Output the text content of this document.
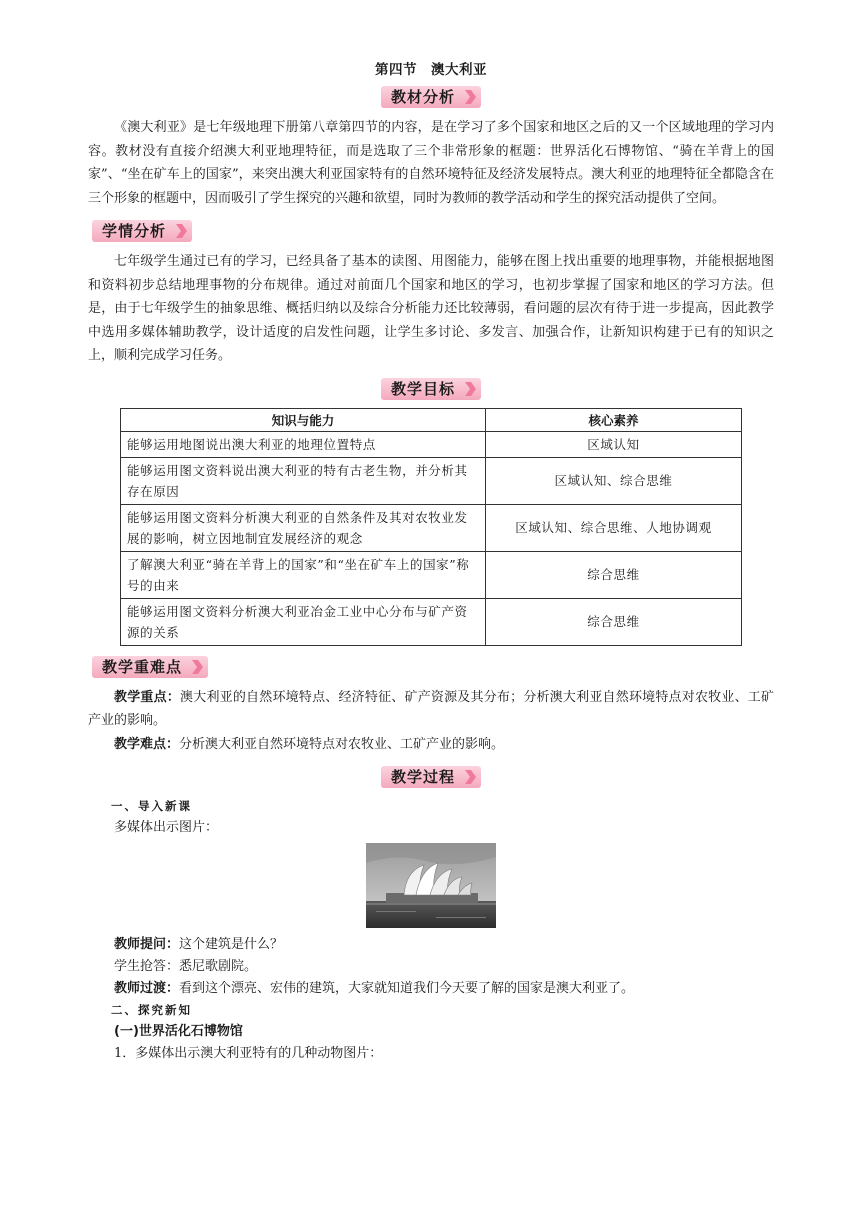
第四节　澳大利亚
教材分析

《澳大利亚》是七年级地理下册第八章第四节的内容，是在学习了多个国家和地区之后的又一个区域地理的学习内容。教材没有直接介绍澳大利亚地理特征，而是选取了三个非常形象的框题：世界活化石博物馆、“骑在羊背上的国家”、“坐在矿车上的国家”，来突出澳大利亚国家特有的自然环境特征及经济发展特点。澳大利亚的地理特征全都隐含在三个形象的框题中，因而吸引了学生探究的兴趣和欲望，同时为教师的教学活动和学生的探究活动提供了空间。

学情分析

七年级学生通过已有的学习，已经具备了基本的读图、用图能力，能够在图上找出重要的地理事物，并能根据地图和资料初步总结地理事物的分布规律。通过对前面几个国家和地区的学习，也初步掌握了国家和地区的学习方法。但是，由于七年级学生的抽象思维、概括归纳以及综合分析能力还比较薄弱，看问题的层次有待于进一步提高，因此教学中选用多媒体辅助教学，设计适度的启发性问题，让学生多讨论、多发言、加强合作，让新知识构建于已有的知识之上，顺利完成学习任务。

教学目标
知识与能力	核心素养
能够运用地图说出澳大利亚的地理位置特点	区域认知
能够运用图文资料说出澳大利亚的特有古老生物，并分析其存在原因	区域认知、综合思维
能够运用图文资料分析澳大利亚的自然条件及其对农牧业发展的影响，树立因地制宜发展经济的观念	区域认知、综合思维、人地协调观
了解澳大利亚“骑在羊背上的国家”和“坐在矿车上的国家”称号的由来	综合思维
能够运用图文资料分析澳大利亚冶金工业中心分布与矿产资源的关系	综合思维
教学重难点

教学重点：澳大利亚的自然环境特点、经济特征、矿产资源及其分布；分析澳大利亚自然环境特点对农牧业、工矿产业的影响。

教学难点：分析澳大利亚自然环境特点对农牧业、工矿产业的影响。

教学过程

一、导入新课

多媒体出示图片：

教师提问：这个建筑是什么？

学生抢答：悉尼歌剧院。

教师过渡：看到这个漂亮、宏伟的建筑，大家就知道我们今天要了解的国家是澳大利亚了。

二、探究新知

(一)世界活化石博物馆

1．多媒体出示澳大利亚特有的几种动物图片：
